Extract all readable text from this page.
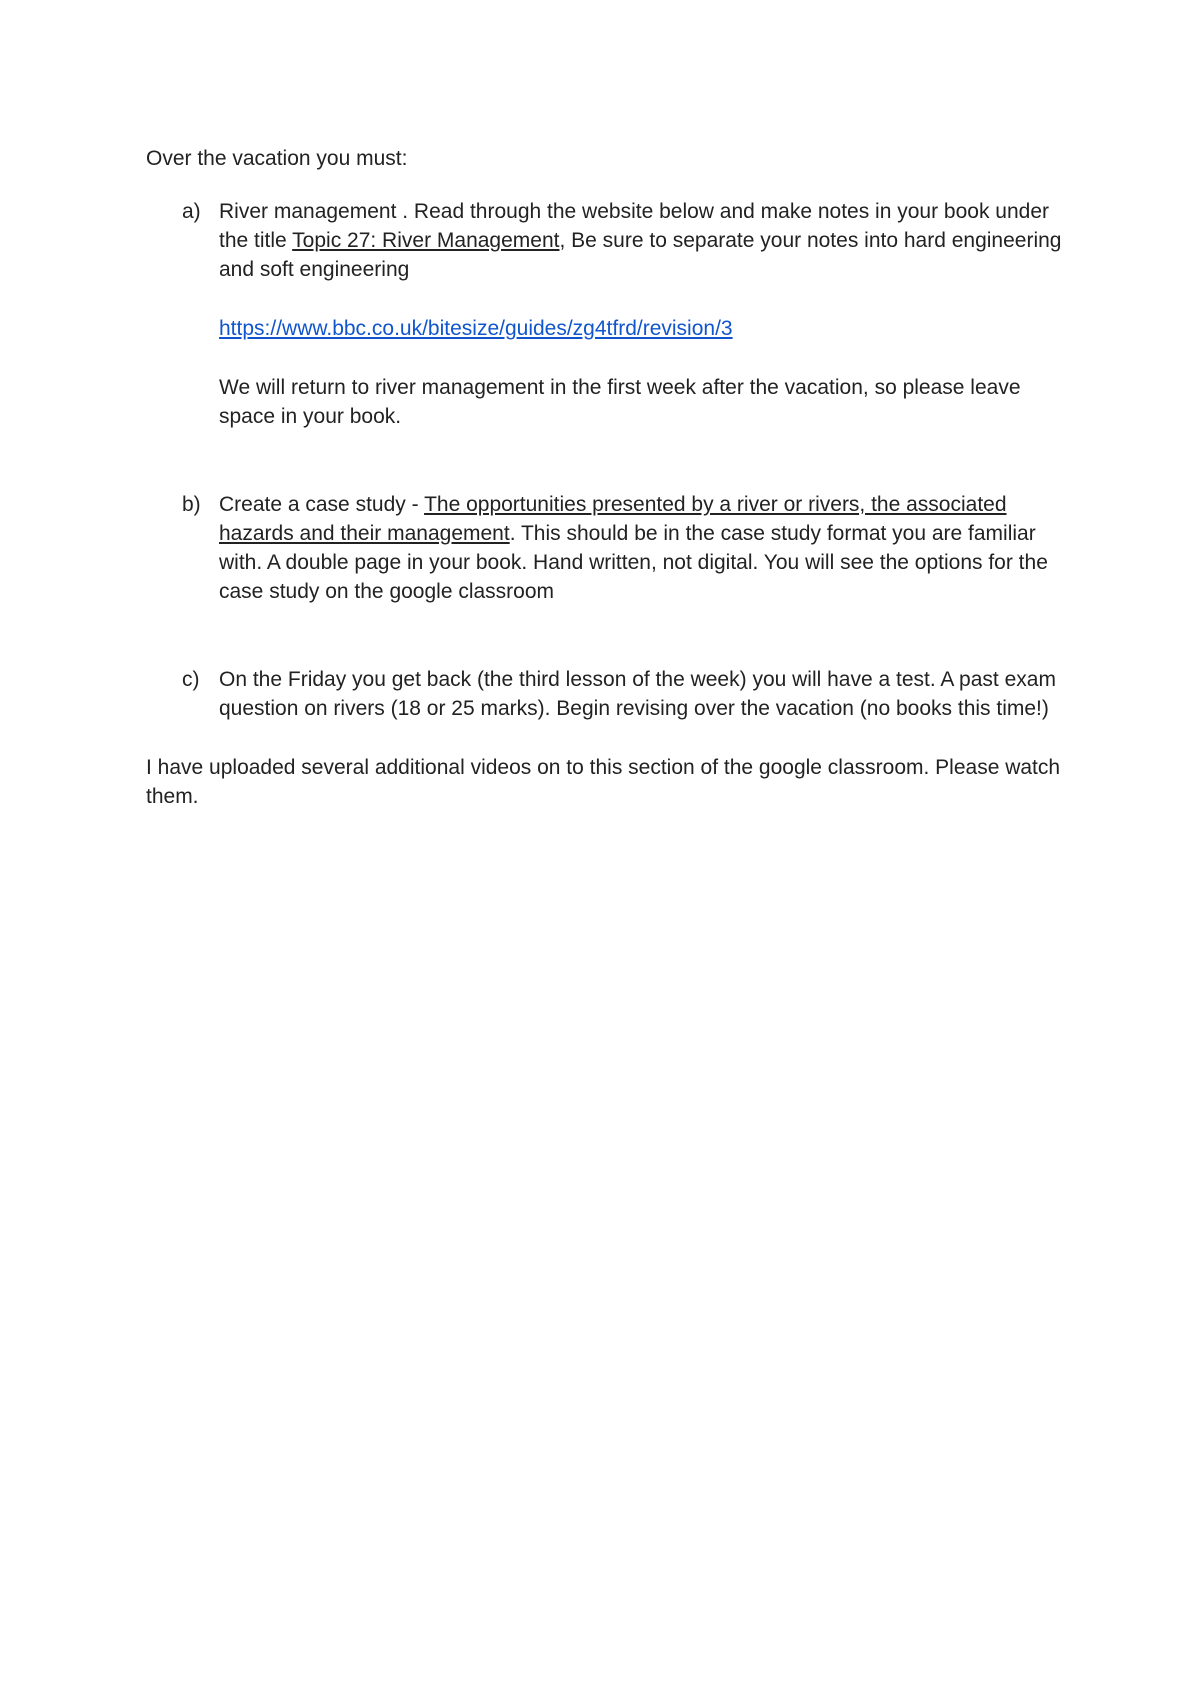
Over the vacation you must:

a) River management . Read through the website below and make notes in your book under the title Topic 27: River Management, Be sure to separate your notes into hard engineering and soft engineering

https://www.bbc.co.uk/bitesize/guides/zg4tfrd/revision/3

We will return to river management in the first week after the vacation, so please leave space in your book.

b) Create a case study - The opportunities presented by a river or rivers, the associated hazards and their management. This should be in the case study format you are familiar with. A double page in your book. Hand written, not digital. You will see the options for the case study on the google classroom

c) On the Friday you get back (the third lesson of the week) you will have a test. A past exam question on rivers (18 or 25 marks). Begin revising over the vacation (no books this time!)

I have uploaded several additional videos on to this section of the google classroom. Please watch them.
